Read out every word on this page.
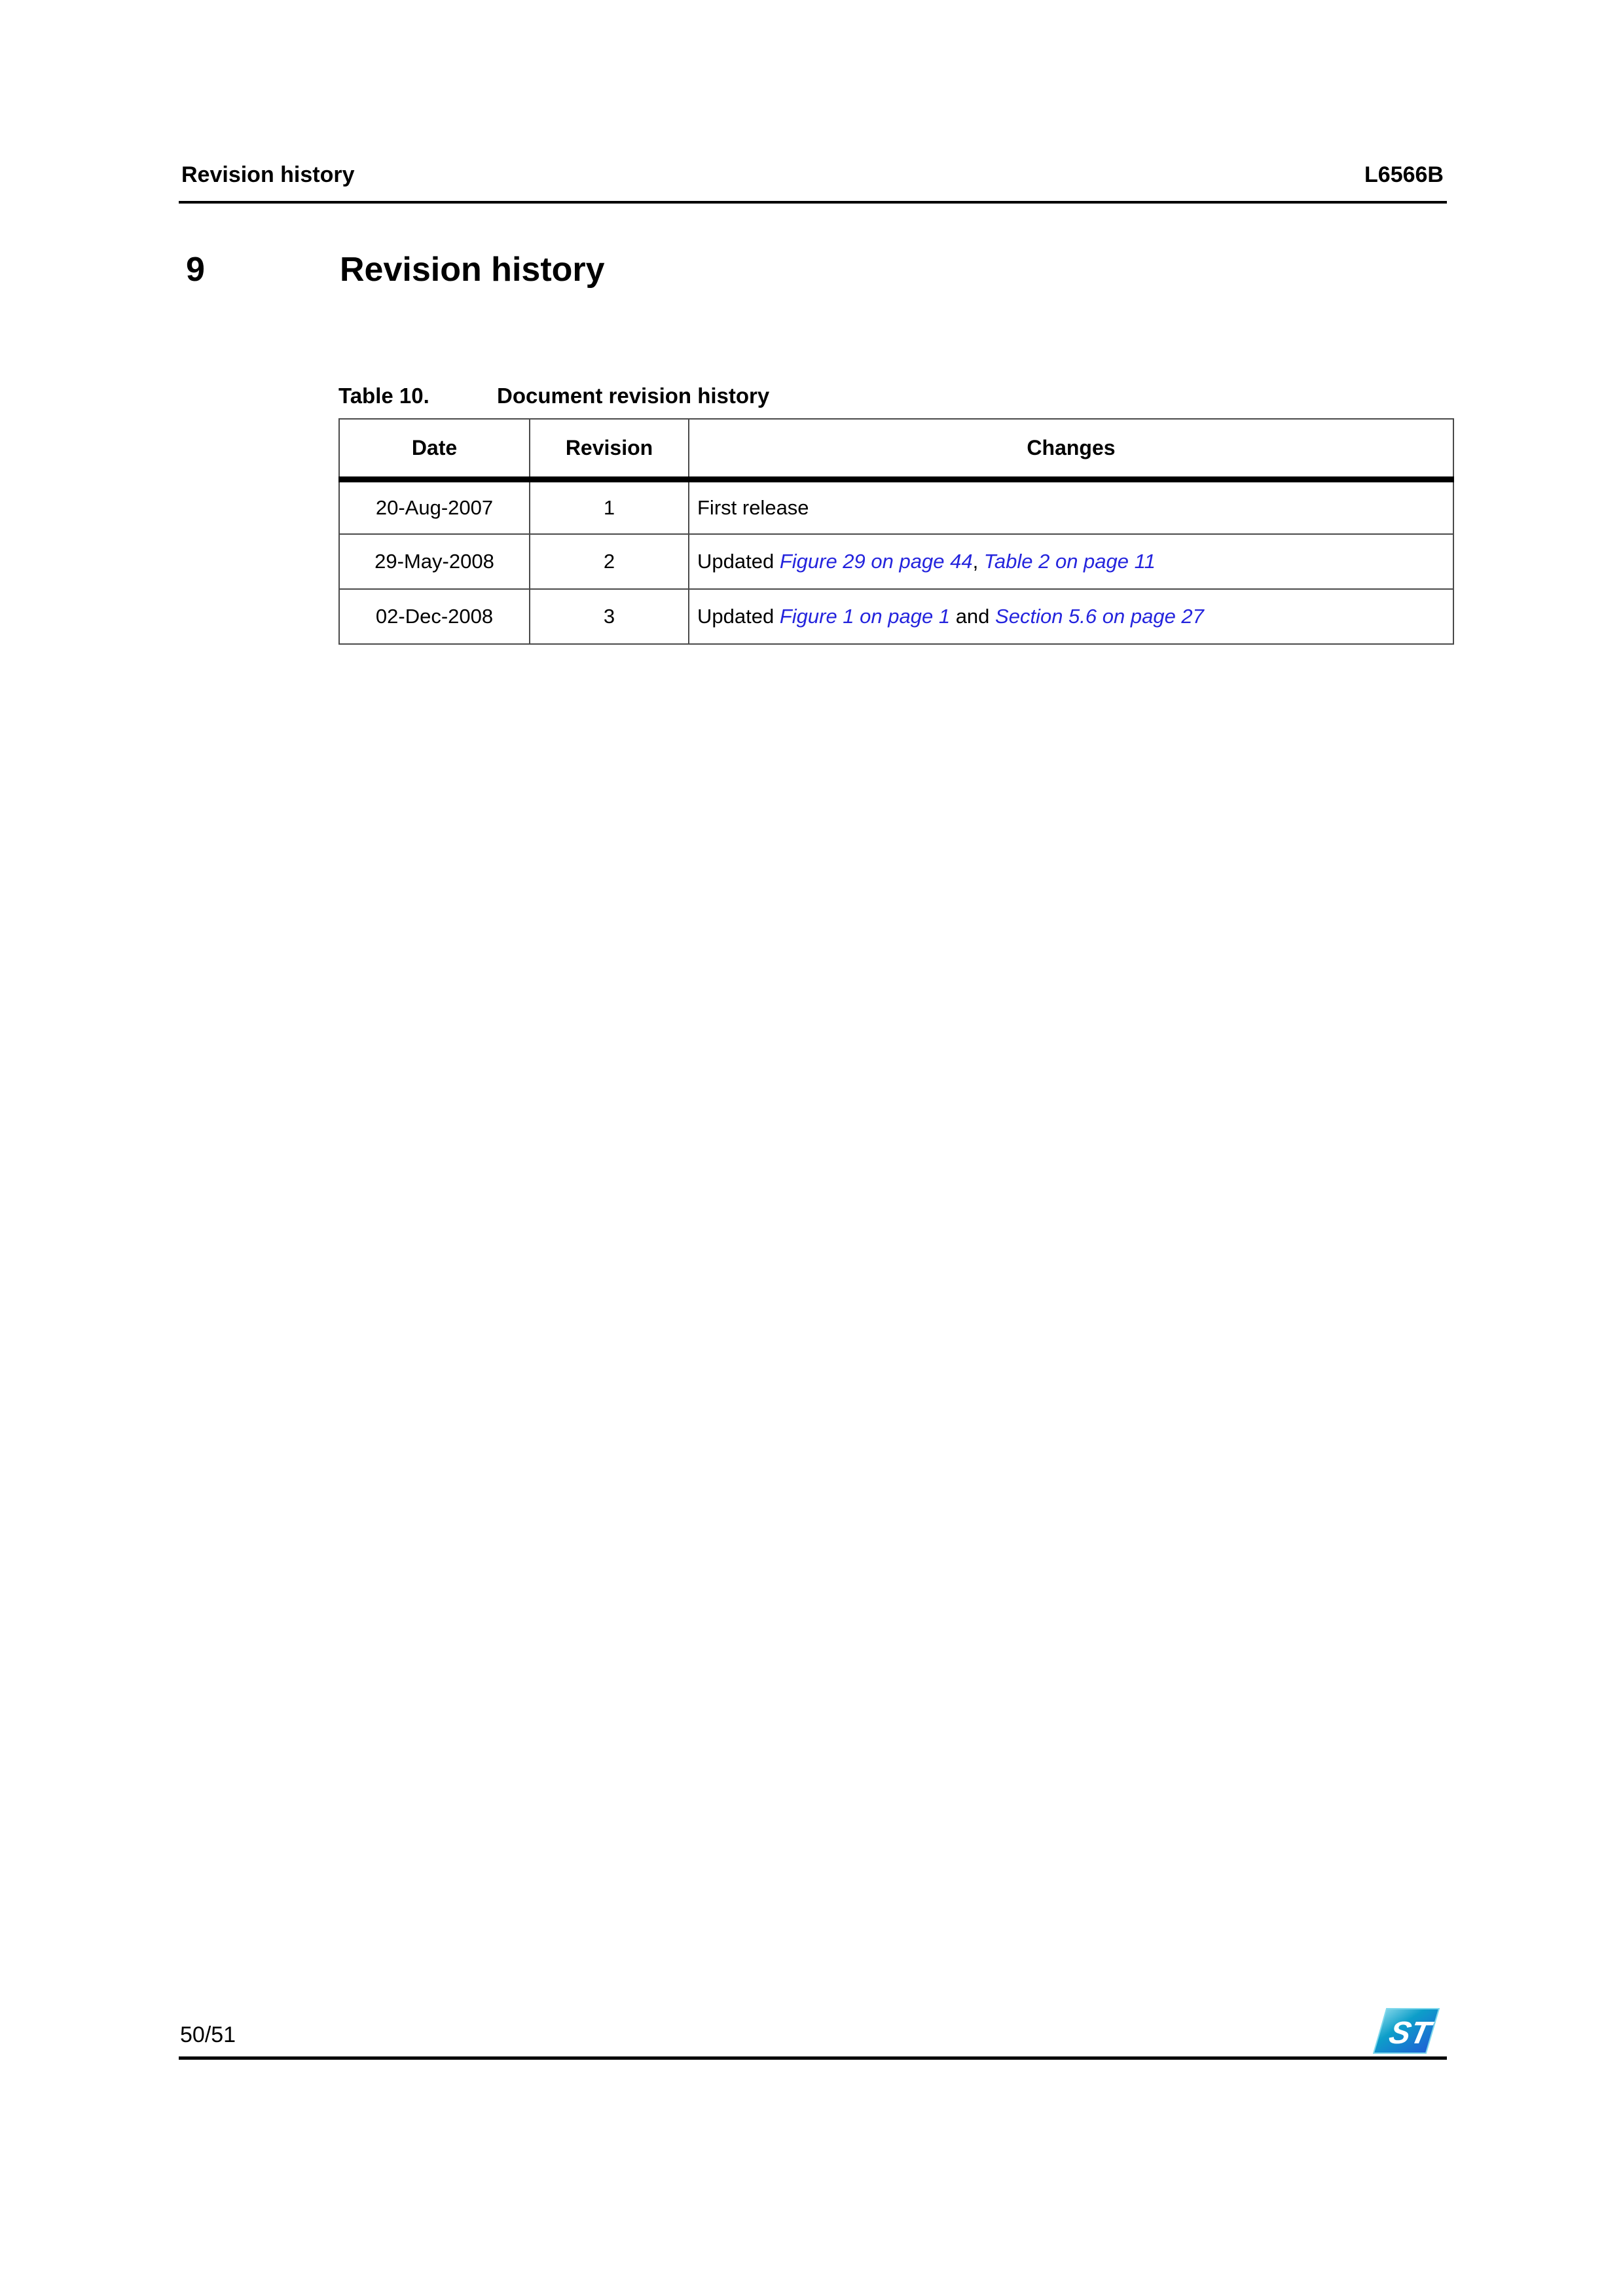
Revision history	L6566B
9	Revision history
Table 10.	Document revision history
Date	Revision	Changes
20-Aug-2007	1	First release
29-May-2008	2	Updated Figure 29 on page 44, Table 2 on page 11
02-Dec-2008	3	Updated Figure 1 on page 1 and Section 5.6 on page 27
50/51	ST
